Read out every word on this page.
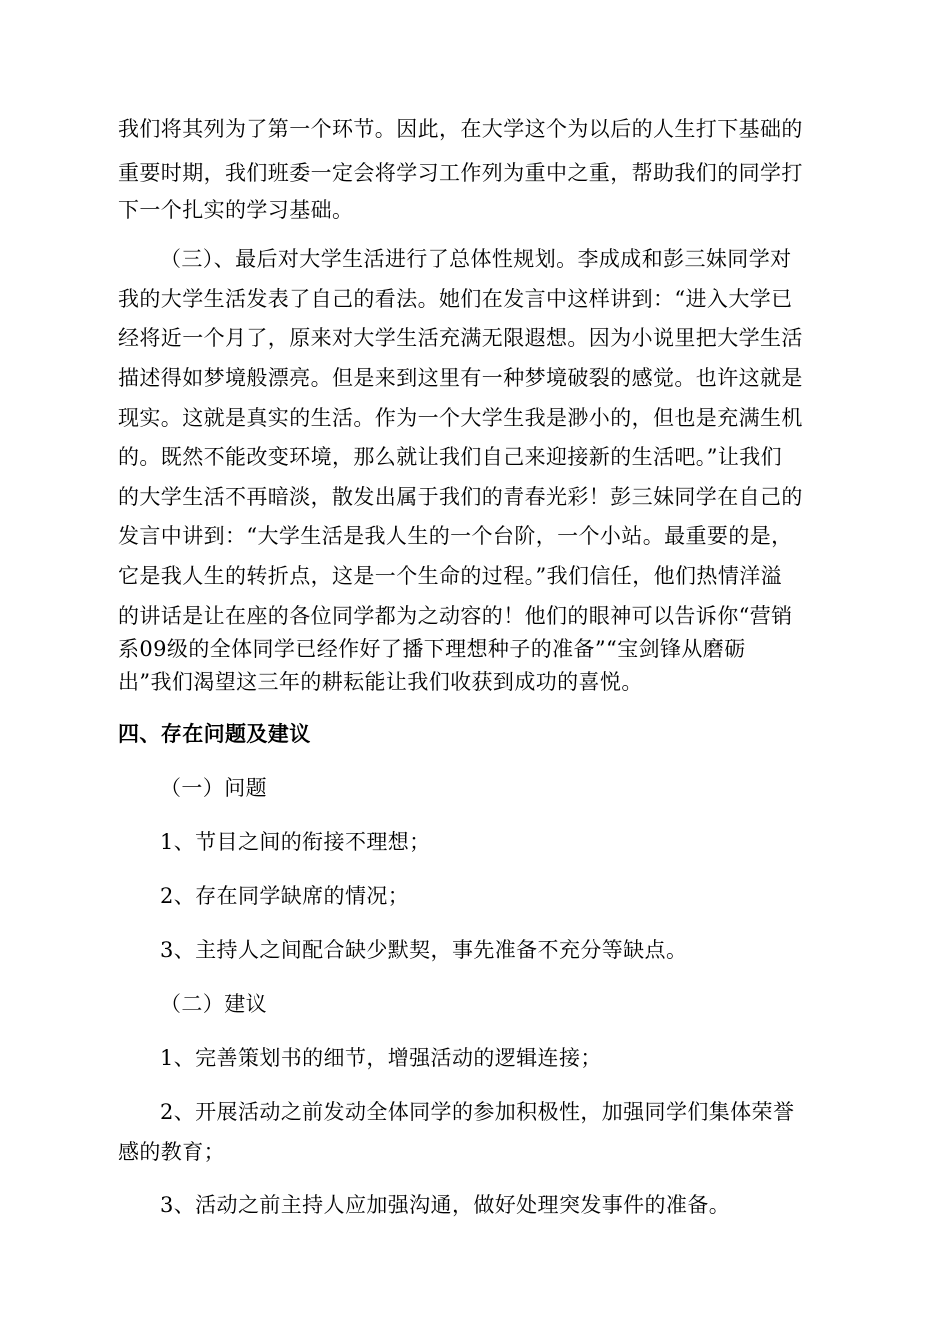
我们将其列为了第一个环节。因此，在大学这个为以后的人生打下基础的
重要时期，我们班委一定会将学习工作列为重中之重，帮助我们的同学打
下一个扎实的学习基础。
（三）、最后对大学生活进行了总体性规划。李成成和彭三妹同学对
我的大学生活发表了自己的看法。她们在发言中这样讲到：“进入大学已
经将近一个月了，原来对大学生活充满无限遐想。因为小说里把大学生活
描述得如梦境般漂亮。但是来到这里有一种梦境破裂的感觉。也许这就是
现实。这就是真实的生活。作为一个大学生我是渺小的，但也是充满生机
的。既然不能改变环境，那么就让我们自己来迎接新的生活吧。”让我们
的大学生活不再暗淡，散发出属于我们的青春光彩！彭三妹同学在自己的
发言中讲到：“大学生活是我人生的一个台阶，一个小站。最重要的是，
它是我人生的转折点，这是一个生命的过程。”我们信任，他们热情洋溢
的讲话是让在座的各位同学都为之动容的！他们的眼神可以告诉你“营销
系09级的全体同学已经作好了播下理想种子的准备”“宝剑锋从磨砺
出”我们渴望这三年的耕耘能让我们收获到成功的喜悦。
四、存在问题及建议
（一）问题
1、节目之间的衔接不理想；
2、存在同学缺席的情况；
3、主持人之间配合缺少默契，事先准备不充分等缺点。
（二）建议
1、完善策划书的细节，增强活动的逻辑连接；
2、开展活动之前发动全体同学的参加积极性，加强同学们集体荣誉
感的教育；
3、活动之前主持人应加强沟通，做好处理突发事件的准备。
